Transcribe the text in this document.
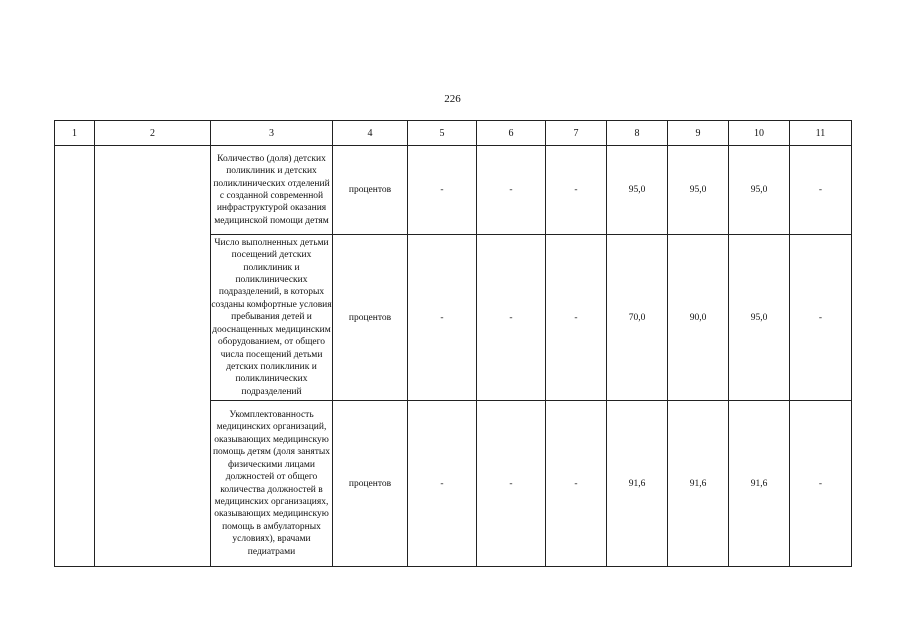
226
1	2	3	4	5	6	7	8	9	10	11
		Количество (доля) детских поликлиник и детских поликлинических отделений с созданной современной инфраструктурой оказания медицинской помощи детям	процентов	-	-	-	95,0	95,0	95,0	-
		Число выполненных детьми посещений детских поликлиник и поликлинических подразделений, в которых созданы комфортные условия пребывания детей и дооснащенных медицинским оборудованием, от общего числа посещений детьми детских поликлиник и поликлинических подразделений	процентов	-	-	-	70,0	90,0	95,0	-
		Укомплектованность медицинских организаций, оказывающих медицинскую помощь детям (доля занятых физическими лицами должностей от общего количества должностей в медицинских организациях, оказывающих медицинскую помощь в амбулаторных условиях), врачами педиатрами	процентов	-	-	-	91,6	91,6	91,6	-
